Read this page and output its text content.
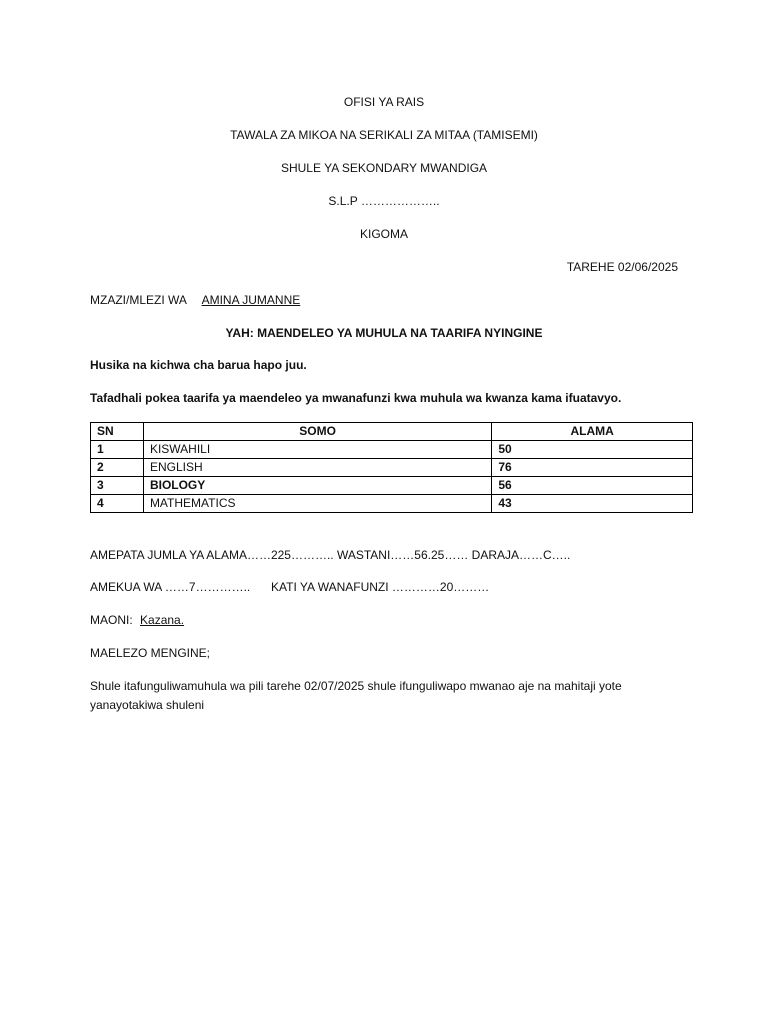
OFISI YA RAIS
TAWALA ZA MIKOA NA SERIKALI ZA MITAA (TAMISEMI)
SHULE YA SEKONDARY MWANDIGA
S.L.P ………………..
KIGOMA
TAREHE 02/06/2025
MZAZI/MLEZI WA AMINA JUMANNE
YAH: MAENDELEO YA MUHULA NA TAARIFA NYINGINE
Husika na kichwa cha barua hapo juu.
Tafadhali pokea taarifa ya maendeleo ya mwanafunzi kwa muhula wa kwanza kama ifuatavyo.
SN	SOMO	ALAMA
1	KISWAHILI	50
2	ENGLISH	76
3	BIOLOGY	56
4	MATHEMATICS	43
AMEPATA JUMLA YA ALAMA……225……….. WASTANI……56.25…… DARAJA……C…..
AMEKUA WA ……7………….. KATI YA WANAFUNZI …………20………
MAONI: Kazana.
MAELEZO MENGINE;
Shule itafunguliwamuhula wa pili tarehe 02/07/2025 shule ifunguliwapo mwanao aje na mahitaji yote yanayotakiwa shuleni
